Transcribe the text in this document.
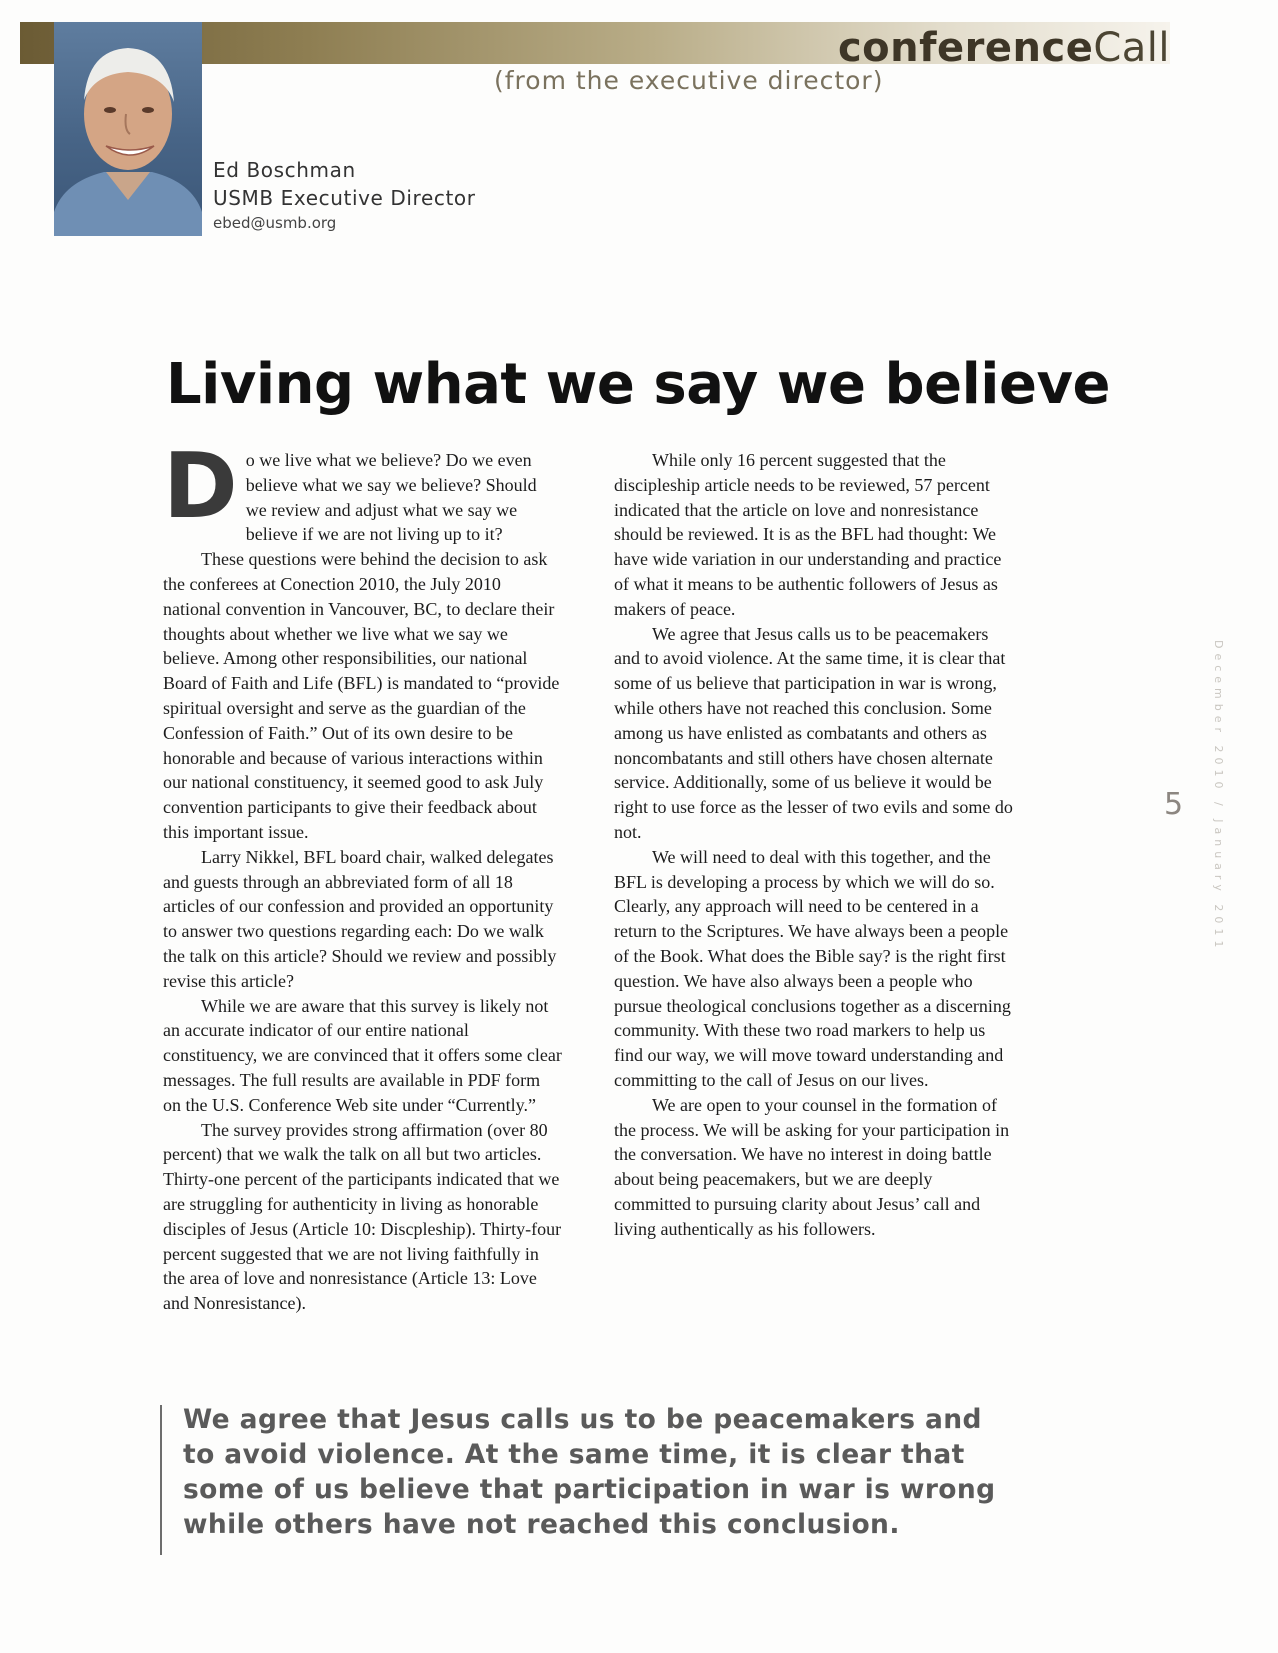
conferenceCall
(from the executive director)
Ed Boschman
USMB Executive Director
ebed@usmb.org
Living what we say we believe

Do we live what we believe? Do we even believe what we say we believe? Should we review and adjust what we say we believe if we are not living up to it?

These questions were behind the decision to ask the conferees at Conection 2010, the July 2010 national convention in Vancouver, BC, to declare their thoughts about whether we live what we say we believe. Among other responsibilities, our national Board of Faith and Life (BFL) is mandated to “provide spiritual oversight and serve as the guardian of the Confession of Faith.” Out of its own desire to be honorable and because of various interactions within our national constituency, it seemed good to ask July convention participants to give their feedback about this important issue.

Larry Nikkel, BFL board chair, walked delegates and guests through an abbreviated form of all 18 articles of our confession and provided an opportunity to answer two questions regarding each: Do we walk the talk on this article? Should we review and possibly revise this article?

While we are aware that this survey is likely not an accurate indicator of our entire national constituency, we are convinced that it offers some clear messages. The full results are available in PDF form on the U.S. Conference Web site under “Currently.”

The survey provides strong affirmation (over 80 percent) that we walk the talk on all but two articles. Thirty-one percent of the participants indicated that we are struggling for authenticity in living as honorable disciples of Jesus (Article 10: Discpleship). Thirty-four percent suggested that we are not living faithfully in the area of love and nonresistance (Article 13: Love and Nonresistance).

While only 16 percent suggested that the discipleship article needs to be reviewed, 57 percent indicated that the article on love and nonresistance should be reviewed. It is as the BFL had thought: We have wide variation in our understanding and practice of what it means to be authentic followers of Jesus as makers of peace.

We agree that Jesus calls us to be peacemakers and to avoid violence. At the same time, it is clear that some of us believe that participation in war is wrong, while others have not reached this conclusion. Some among us have enlisted as combatants and others as noncombatants and still others have chosen alternate service. Additionally, some of us believe it would be right to use force as the lesser of two evils and some do not.

We will need to deal with this together, and the BFL is developing a process by which we will do so. Clearly, any approach will need to be centered in a return to the Scriptures. We have always been a people of the Book. What does the Bible say? is the right first question. We have also always been a people who pursue theological conclusions together as a discerning community. With these two road markers to help us find our way, we will move toward understanding and committing to the call of Jesus on our lives.

We are open to your counsel in the formation of the process. We will be asking for your participation in the conversation. We have no interest in doing battle about being peacemakers, but we are deeply committed to pursuing clarity about Jesus’ call and living authentically as his followers.

December 2010 / January 2011
5
We agree that Jesus calls us to be peacemakers and to avoid violence. At the same time, it is clear that some of us believe that participation in war is wrong while others have not reached this conclusion.
